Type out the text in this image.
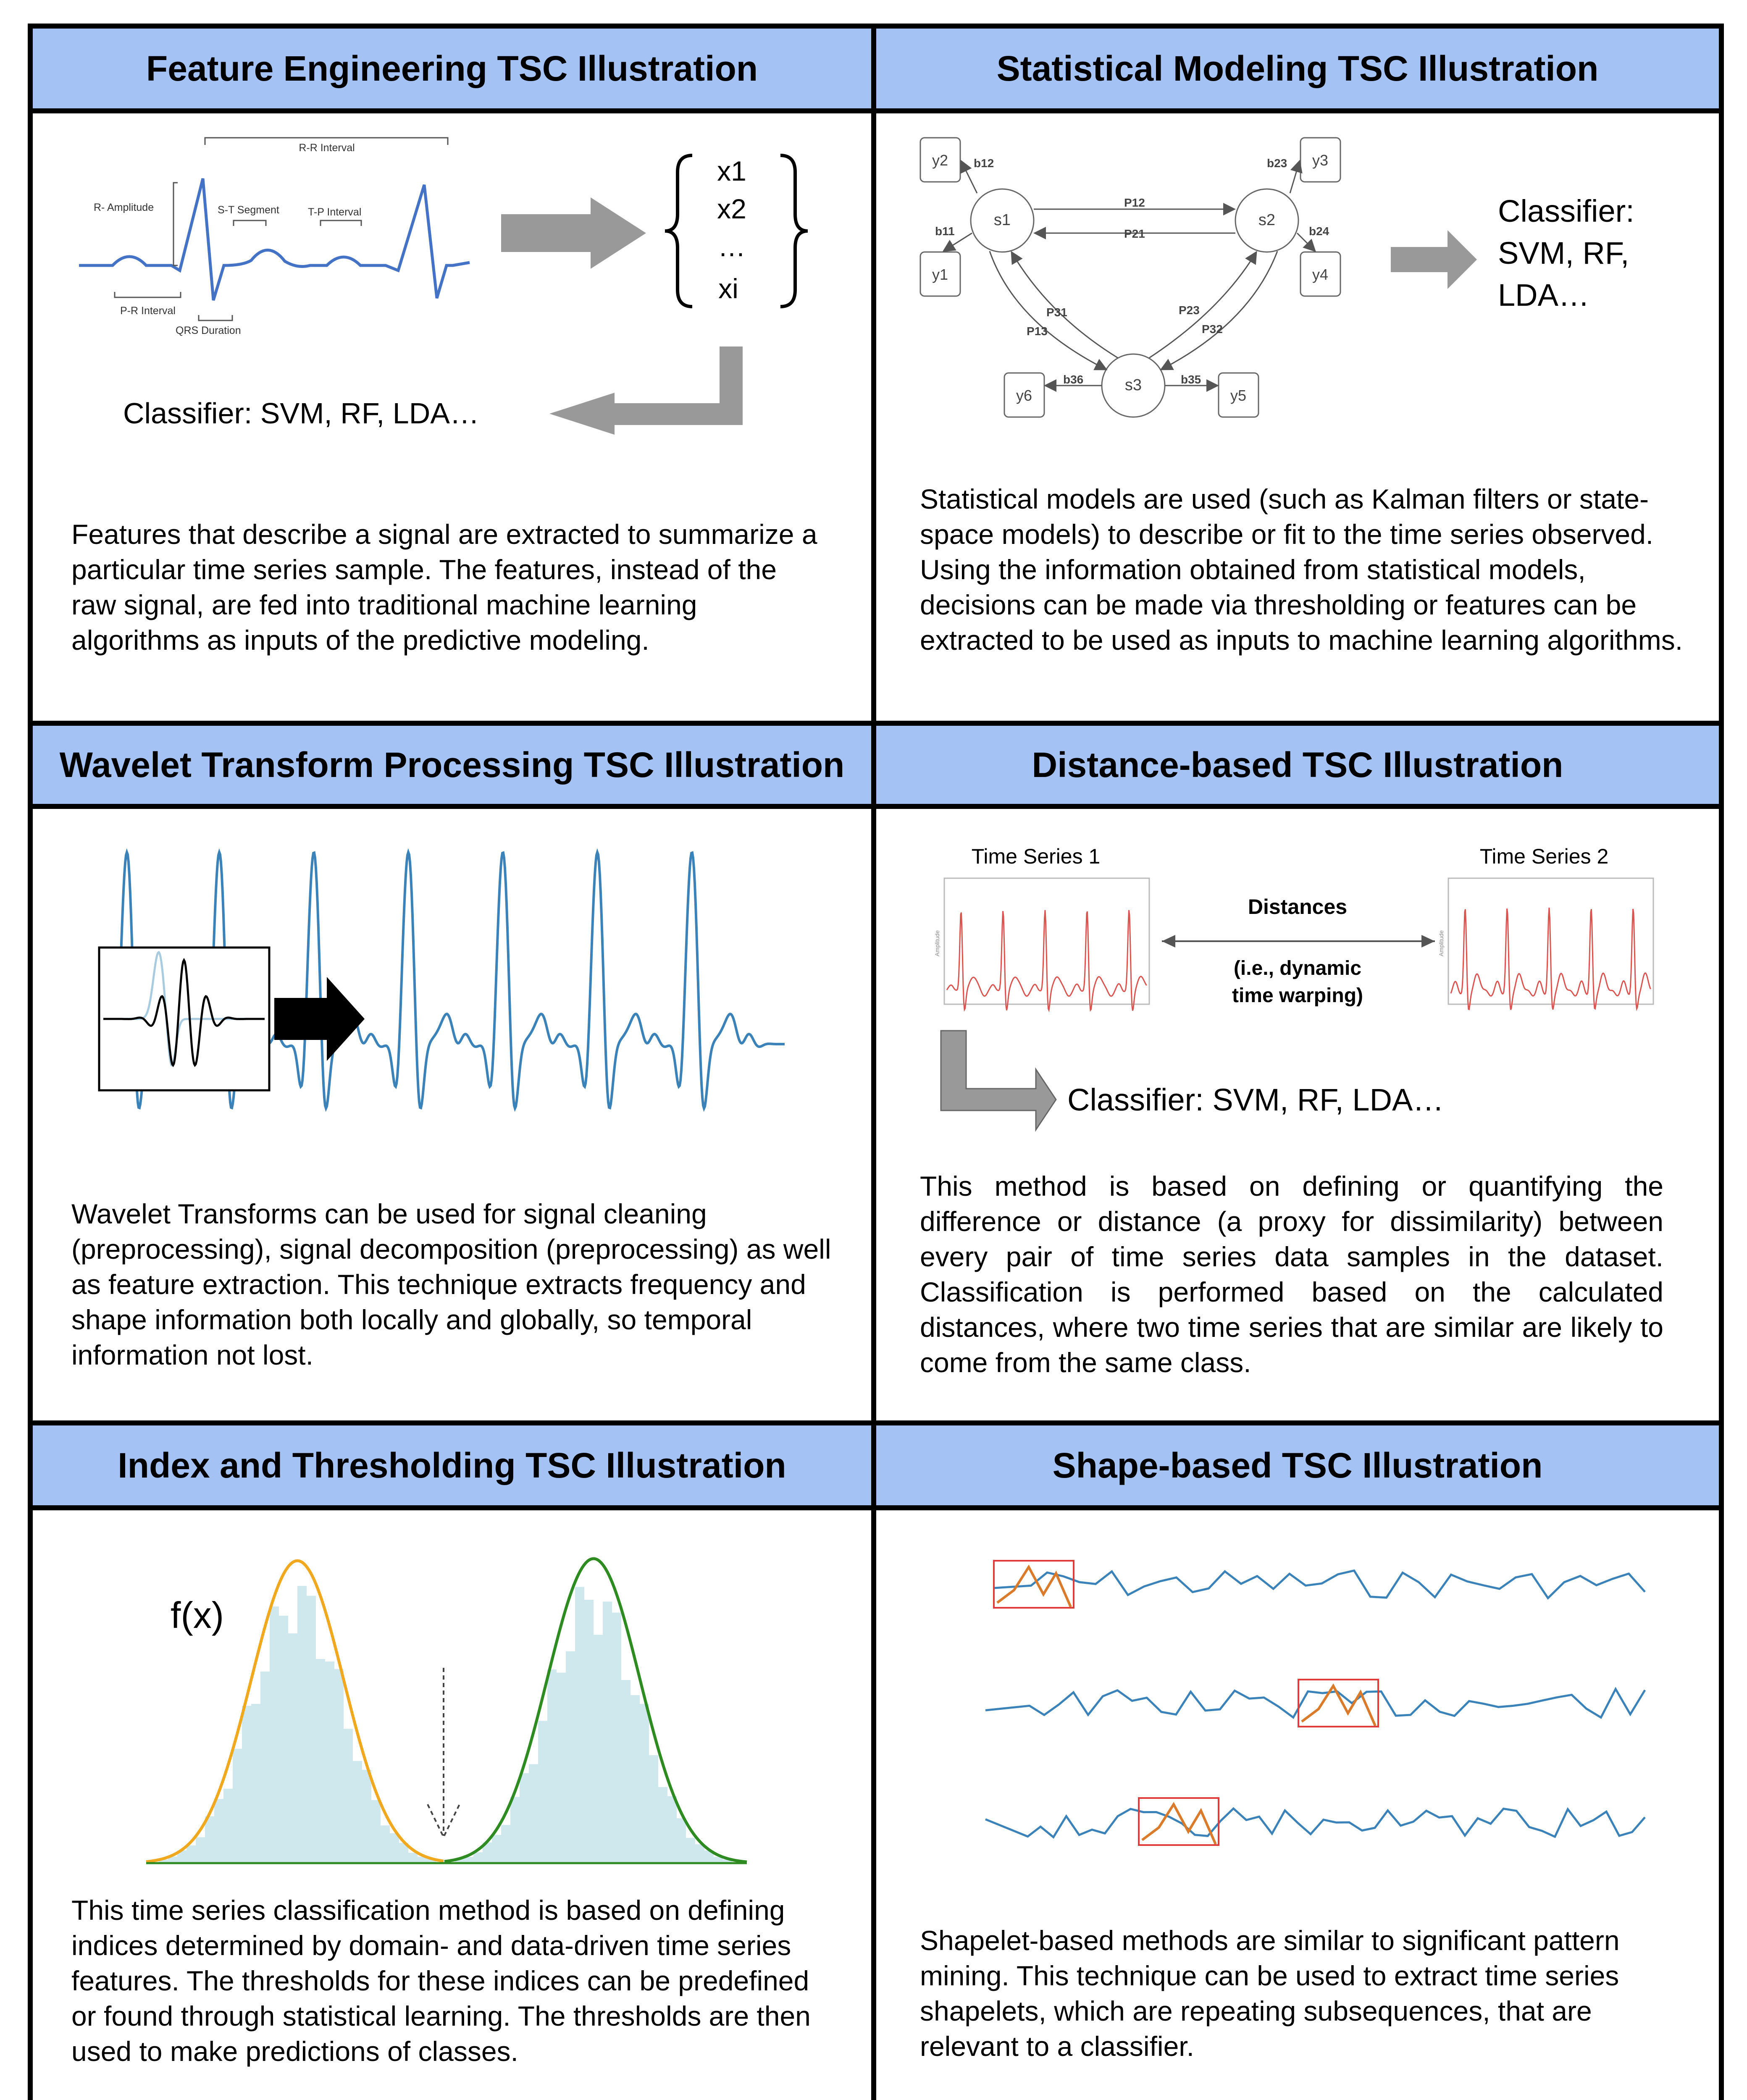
Feature Engineering TSC Illustration	Statistical Modeling TSC Illustration
Wavelet Transform Processing TSC Illustration	Distance-based TSC Illustration
Index and Thresholding TSC Illustration	Shape-based TSC Illustration
R-R Interval
R- Amplitude	S-T Segment	T-P Interval
P-R Interval
QRS Duration
x1
x2
…
xi
Classifier: SVM, RF, LDA…
Features that describe a signal are extracted to summarize a particular time series sample. The features, instead of the raw signal, are fed into traditional machine learning algorithms as inputs of the predictive modeling.
s1	s2
s3
y2	y3
y1	y4
y6	y5
P12
P21
P31
P13
P23
P32
b12
b11
b23
b24
b36	b35
Classifier:
SVM, RF,
LDA…
Statistical models are used (such as Kalman filters or state-space models) to describe or fit to the time series observed. Using the information obtained from statistical models, decisions can be made via thresholding or features can be extracted to be used as inputs to machine learning algorithms.
Wavelet Transforms can be used for signal cleaning (preprocessing), signal decomposition (preprocessing) as well as feature extraction. This technique extracts frequency and shape information both locally and globally, so temporal information not lost.
Time Series 1	Time Series 2
Amplitude	Amplitude
Distances
(i.e., dynamic
time warping)
Classifier: SVM, RF, LDA…
This method is based on defining or quantifying the difference or distance (a proxy for dissimilarity) between every pair of time series data samples in the dataset. Classification is performed based on the calculated distances, where two time series that are similar are likely to come from the same class.
f(x)
This time series classification method is based on defining indices determined by domain- and data-driven time series features. The thresholds for these indices can be predefined or found through statistical learning. The thresholds are then used to make predictions of classes.
Shapelet-based methods are similar to significant pattern mining. This technique can be used to extract time series shapelets, which are repeating subsequences, that are relevant to a classifier.
